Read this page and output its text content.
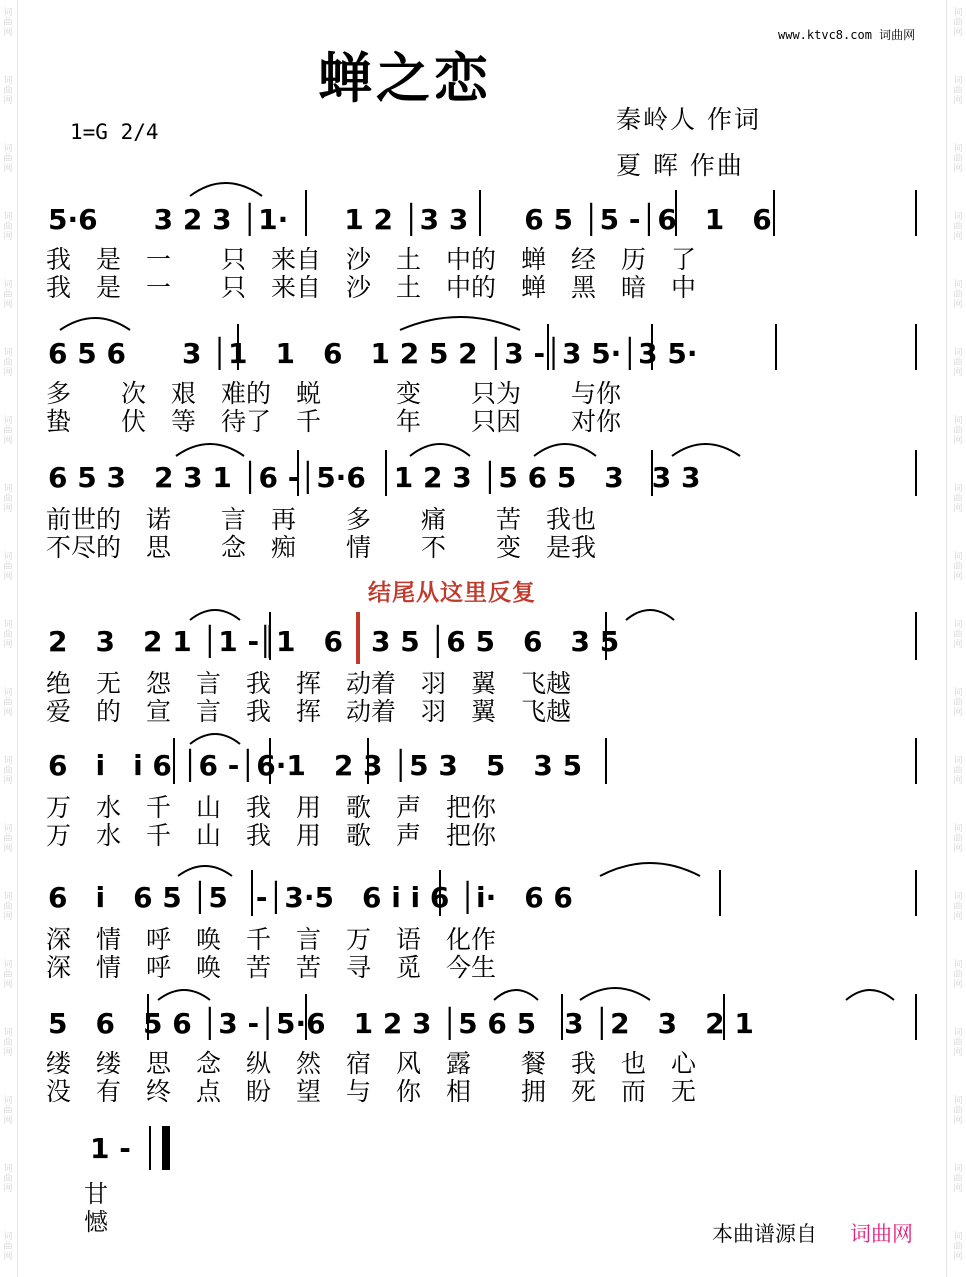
词曲网
词曲网
词曲网
词曲网
词曲网
词曲网
词曲网
词曲网
词曲网
词曲网
词曲网
词曲网
词曲网
词曲网
词曲网
词曲网
词曲网
词曲网
词曲网
词曲网
词曲网
词曲网
词曲网
词曲网
词曲网
词曲网
词曲网
词曲网
词曲网
词曲网
词曲网
词曲网
词曲网
词曲网
词曲网
词曲网
词曲网
词曲网
www.ktvc8.com 词曲网
蝉之恋
1=G 2/4	秦岭人 作词
夏 晖 作曲
5·6　　3 2 3 │1·　　1 2 │3 3　　6 5 │5 -│6　1　6
我　是　一　　只　来自　沙　土　中的　蝉　经　历　了
我　是　一　　只　来自　沙　土　中的　蝉　黑　暗　中
6 5 6　　3 │1　1　6　1 2 5 2 │3 -│3 5·│3 5·
多　　次　艰　难的　蜕　　　变　　只为　　与你
蛰　　伏　等　待了　千　　　年　　只因　　对你
6 5 3　2 3 1 │6 -│5·6　1 2 3 │5 6 5　3　3 3
前世的　诺　　言　再　　多　　痛　　苦　我也
不尽的　思　　念　痴　　情　　不　　变　是我
结尾从这里反复
2　3　2 1 │1 -║1　6　3 5 │6 5　6　3 5
绝　无　怨　言　我　挥　动着　羽　翼　飞越
爱　的　宣　言　我　挥　动着　羽　翼　飞越
6　i　i 6 │6 -│6·1　2 3 │5 3　5　3 5
万　水　千　山　我　用　歌　声　把你
万　水　千　山　我　用　歌　声　把你
6　i　6 5 │5　-│3·5　6 i i 6 │i·　6 6
深　情　呼　唤　千　言　万　语　化作
深　情　呼　唤　苦　苦　寻　觅　今生
5　6　5 6 │3 -│5·6　1 2 3 │5 6 5　3 │2　3　2 1
缕　缕　思　念　纵　然　宿　风　露　　餐　我　也　心
没　有　终　点　盼　望　与　你　相　　拥　死　而　无
1 -
甘
憾	本曲谱源自 词曲网
